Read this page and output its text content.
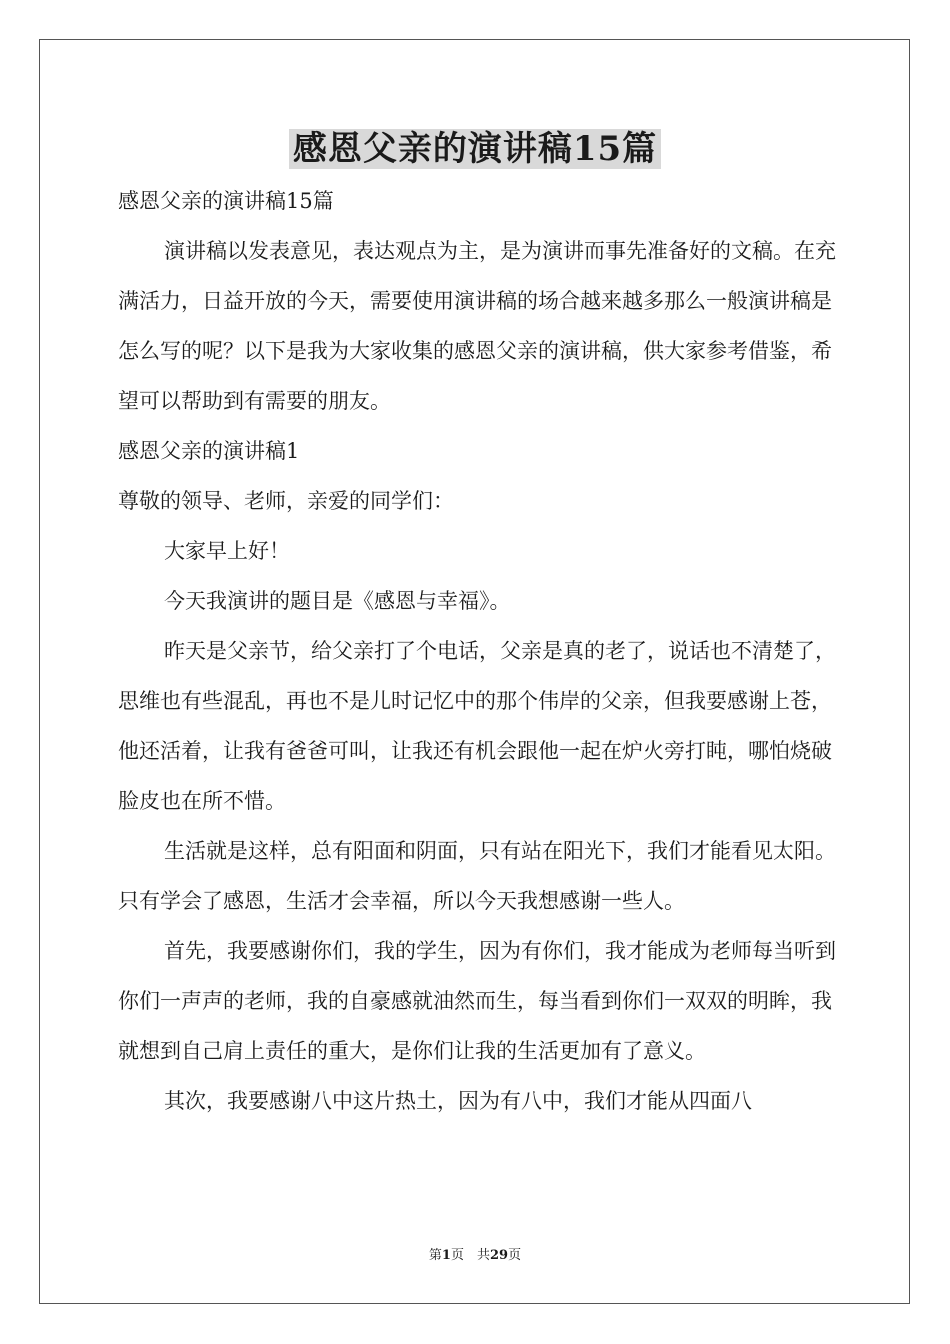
感恩父亲的演讲稿15篇

感恩父亲的演讲稿15篇

演讲稿以发表意见，表达观点为主，是为演讲而事先准备好的文稿。在充满活力，日益开放的今天，需要使用演讲稿的场合越来越多那么一般演讲稿是怎么写的呢？以下是我为大家收集的感恩父亲的演讲稿，供大家参考借鉴，希望可以帮助到有需要的朋友。

感恩父亲的演讲稿1

尊敬的领导、老师，亲爱的同学们：

大家早上好！

今天我演讲的题目是《感恩与幸福》。

昨天是父亲节，给父亲打了个电话，父亲是真的老了，说话也不清楚了，思维也有些混乱，再也不是儿时记忆中的那个伟岸的父亲，但我要感谢上苍，他还活着，让我有爸爸可叫，让我还有机会跟他一起在炉火旁打盹，哪怕烧破脸皮也在所不惜。

生活就是这样，总有阳面和阴面，只有站在阳光下，我们才能看见太阳。只有学会了感恩，生活才会幸福，所以今天我想感谢一些人。

首先，我要感谢你们，我的学生，因为有你们，我才能成为老师每当听到你们一声声的老师，我的自豪感就油然而生，每当看到你们一双双的明眸，我就想到自己肩上责任的重大，是你们让我的生活更加有了意义。

其次，我要感谢八中这片热土，因为有八中，我们才能从四面八

第1页　共29页
